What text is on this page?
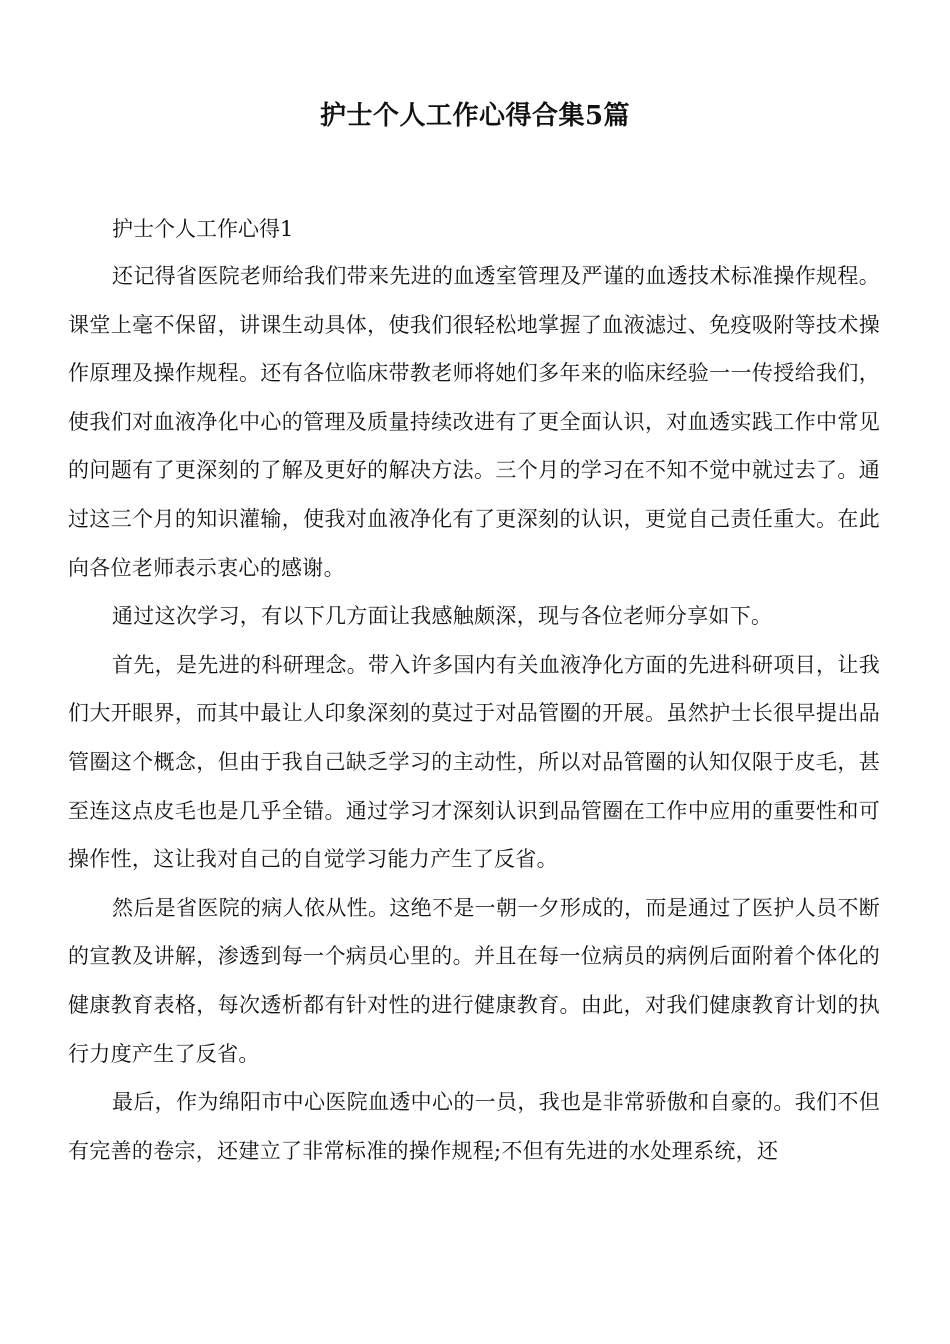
护士个人工作心得合集5篇

护士个人工作心得1

还记得省医院老师给我们带来先进的血透室管理及严谨的血透技术标准操作规程。课堂上毫不保留，讲课生动具体，使我们很轻松地掌握了血液滤过、免疫吸附等技术操作原理及操作规程。还有各位临床带教老师将她们多年来的临床经验一一传授给我们，使我们对血液净化中心的管理及质量持续改进有了更全面认识，对血透实践工作中常见的问题有了更深刻的了解及更好的解决方法。三个月的学习在不知不觉中就过去了。通过这三个月的知识灌输，使我对血液净化有了更深刻的认识，更觉自己责任重大。在此向各位老师表示衷心的感谢。

通过这次学习，有以下几方面让我感触颇深，现与各位老师分享如下。

首先，是先进的科研理念。带入许多国内有关血液净化方面的先进科研项目，让我们大开眼界，而其中最让人印象深刻的莫过于对品管圈的开展。虽然护士长很早提出品管圈这个概念，但由于我自己缺乏学习的主动性，所以对品管圈的认知仅限于皮毛，甚至连这点皮毛也是几乎全错。通过学习才深刻认识到品管圈在工作中应用的重要性和可操作性，这让我对自己的自觉学习能力产生了反省。

然后是省医院的病人依从性。这绝不是一朝一夕形成的，而是通过了医护人员不断的宣教及讲解，渗透到每一个病员心里的。并且在每一位病员的病例后面附着个体化的健康教育表格，每次透析都有针对性的进行健康教育。由此，对我们健康教育计划的执行力度产生了反省。

最后，作为绵阳市中心医院血透中心的一员，我也是非常骄傲和自豪的。我们不但有完善的卷宗，还建立了非常标准的操作规程;不但有先进的水处理系统，还
